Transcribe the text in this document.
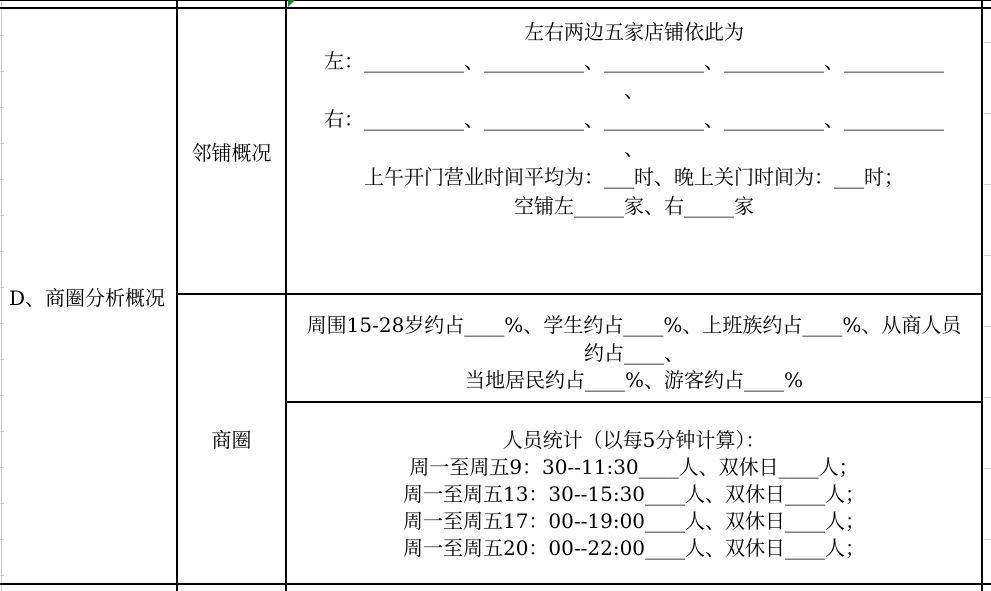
D、商圈分析概况
邻铺概况
商圈
左右两边五家店铺依此为
左：__________、__________、__________、__________、__________
、
右：__________、__________、__________、__________、__________
、
上午开门营业时间平均为：___时、晚上关门时间为：___时；
空铺左_____家、右_____家
周围15-28岁约占____%、学生约占____%、上班族约占____%、从商人员
约占____、
当地居民约占____%、游客约占____%
人员统计（以每5分钟计算）：
周一至周五9：30--11:30____人、双休日____人；
周一至周五13：30--15:30____人、双休日____人；
周一至周五17：00--19:00____人、双休日____人；
周一至周五20：00--22:00____人、双休日____人；
